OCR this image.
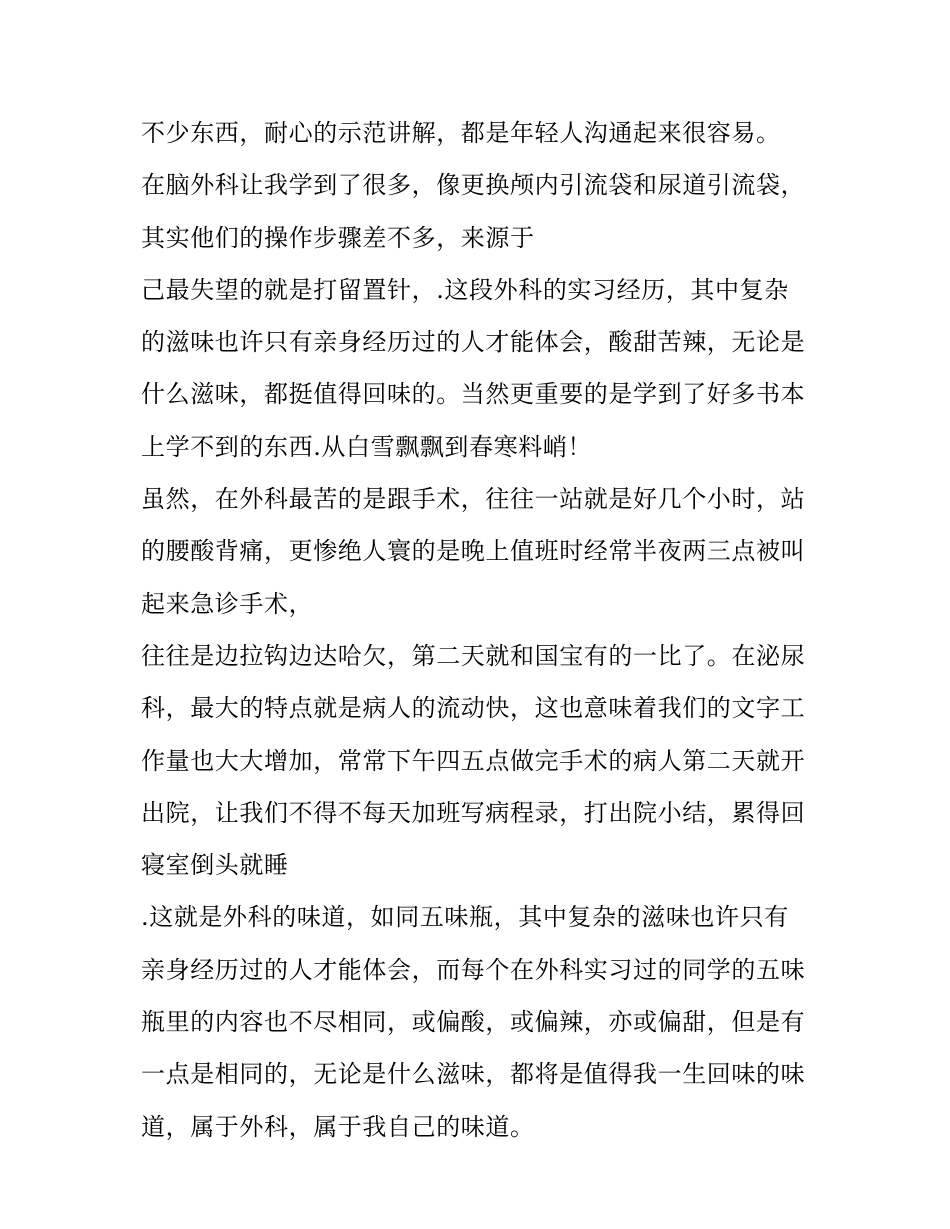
不少东西，耐心的示范讲解，都是年轻人沟通起来很容易。
在脑外科让我学到了很多，像更换颅内引流袋和尿道引流袋，
其实他们的操作步骤差不多，来源于
己最失望的就是打留置针，.这段外科的实习经历，其中复杂
的滋味也许只有亲身经历过的人才能体会，酸甜苦辣，无论是
什么滋味，都挺值得回味的。当然更重要的是学到了好多书本
上学不到的东西.从白雪飘飘到春寒料峭！
虽然，在外科最苦的是跟手术，往往一站就是好几个小时，站
的腰酸背痛，更惨绝人寰的是晚上值班时经常半夜两三点被叫
起来急诊手术，
往往是边拉钩边达哈欠，第二天就和国宝有的一比了。在泌尿
科，最大的特点就是病人的流动快，这也意味着我们的文字工
作量也大大增加，常常下午四五点做完手术的病人第二天就开
出院，让我们不得不每天加班写病程录，打出院小结，累得回
寝室倒头就睡
.这就是外科的味道，如同五味瓶，其中复杂的滋味也许只有
亲身经历过的人才能体会，而每个在外科实习过的同学的五味
瓶里的内容也不尽相同，或偏酸，或偏辣，亦或偏甜，但是有
一点是相同的，无论是什么滋味，都将是值得我一生回味的味
道，属于外科，属于我自己的味道。
